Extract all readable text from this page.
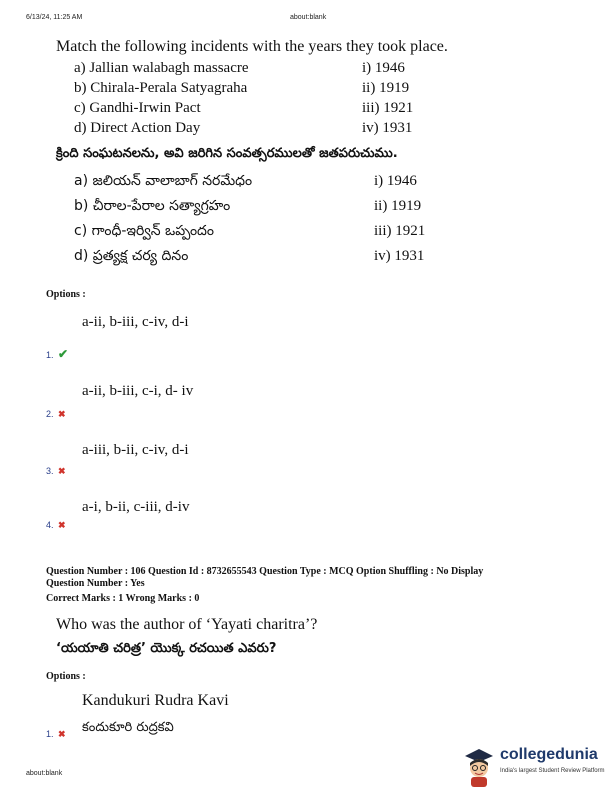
6/13/24, 11:25 AM	about:blank
Match the following incidents with the years they took place.
a) Jallian walabagh massacre	i) 1946
b) Chirala-Perala Satyagraha	ii) 1919
c) Gandhi-Irwin Pact	iii) 1921
d) Direct Action Day	iv) 1931
క్రింది సంఘటనలను, అవి జరిగిన సంవత్సరములతో జతపరుచుము.
a) జలియన్ వాలాబాగ్ నరమేధం	i) 1946
b) చీరాల-పేరాల సత్యాగ్రహం	ii) 1919
c) గాంధీ-ఇర్విన్ ఒప్పందం	iii) 1921
d) ప్రత్యక్ష చర్య దినం	iv) 1931
Options :
a-ii, b-iii, c-iv, d-i
1. ✔
a-ii, b-iii, c-i, d- iv
2. ✖
a-iii, b-ii, c-iv, d-i
3. ✖
a-i, b-ii, c-iii, d-iv
4. ✖
Question Number : 106 Question Id : 8732655543 Question Type : MCQ Option Shuffling : No Display
Question Number : Yes
Correct Marks : 1 Wrong Marks : 0
Who was the author of ‘Yayati charitra’?
‘యయాతి చరిత్ర’ యొక్క రచయిత ఎవరు?
Options :
Kandukuri Rudra Kavi
1. ✖ కందుకూరి రుద్రకవి
about:blank
collegedunia
India's largest Student Review Platform
